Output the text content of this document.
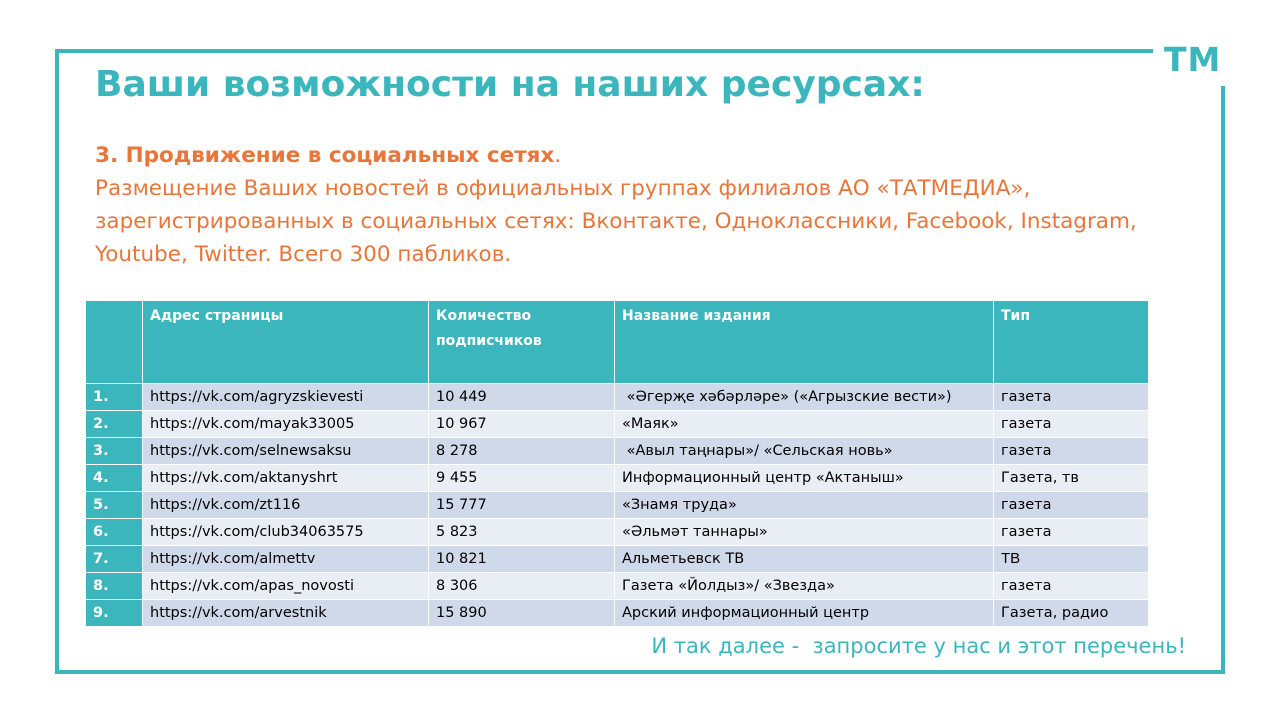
ТМ
Ваши возможности на наших ресурсах:
3. Продвижение в социальных сетях.
Размещение Ваших новостей в официальных группах филиалов АО «ТАТМЕДИА», зарегистрированных в социальных сетях: Вконтакте, Одноклассники, Facebook, Instagram, Youtube, Twitter. Всего 300 пабликов.
	Адрес страницы	Количество подписчиков	Название издания	Тип
1.	https://vk.com/agryzskievesti	10 449	«Әгерҗе хәбәрләре» («Агрызские вести»)	газета
2.	https://vk.com/mayak33005	10 967	«Маяк»	газета
3.	https://vk.com/selnewsaksu	8 278	«Авыл таңнары»/ «Сельская новь»	газета
4.	https://vk.com/aktanyshrt	9 455	Информационный центр «Актаныш»	Газета, тв
5.	https://vk.com/zt116	15 777	«Знамя труда»	газета
6.	https://vk.com/club34063575	5 823	«Әльмәт таннары»	газета
7.	https://vk.com/almettv	10 821	Альметьевск ТВ	ТВ
8.	https://vk.com/apas_novosti	8 306	Газета «Йолдыз»/ «Звезда»	газета
9.	https://vk.com/arvestnik	15 890	Арский информационный центр	Газета, радио
И так далее -  запросите у нас и этот перечень!
